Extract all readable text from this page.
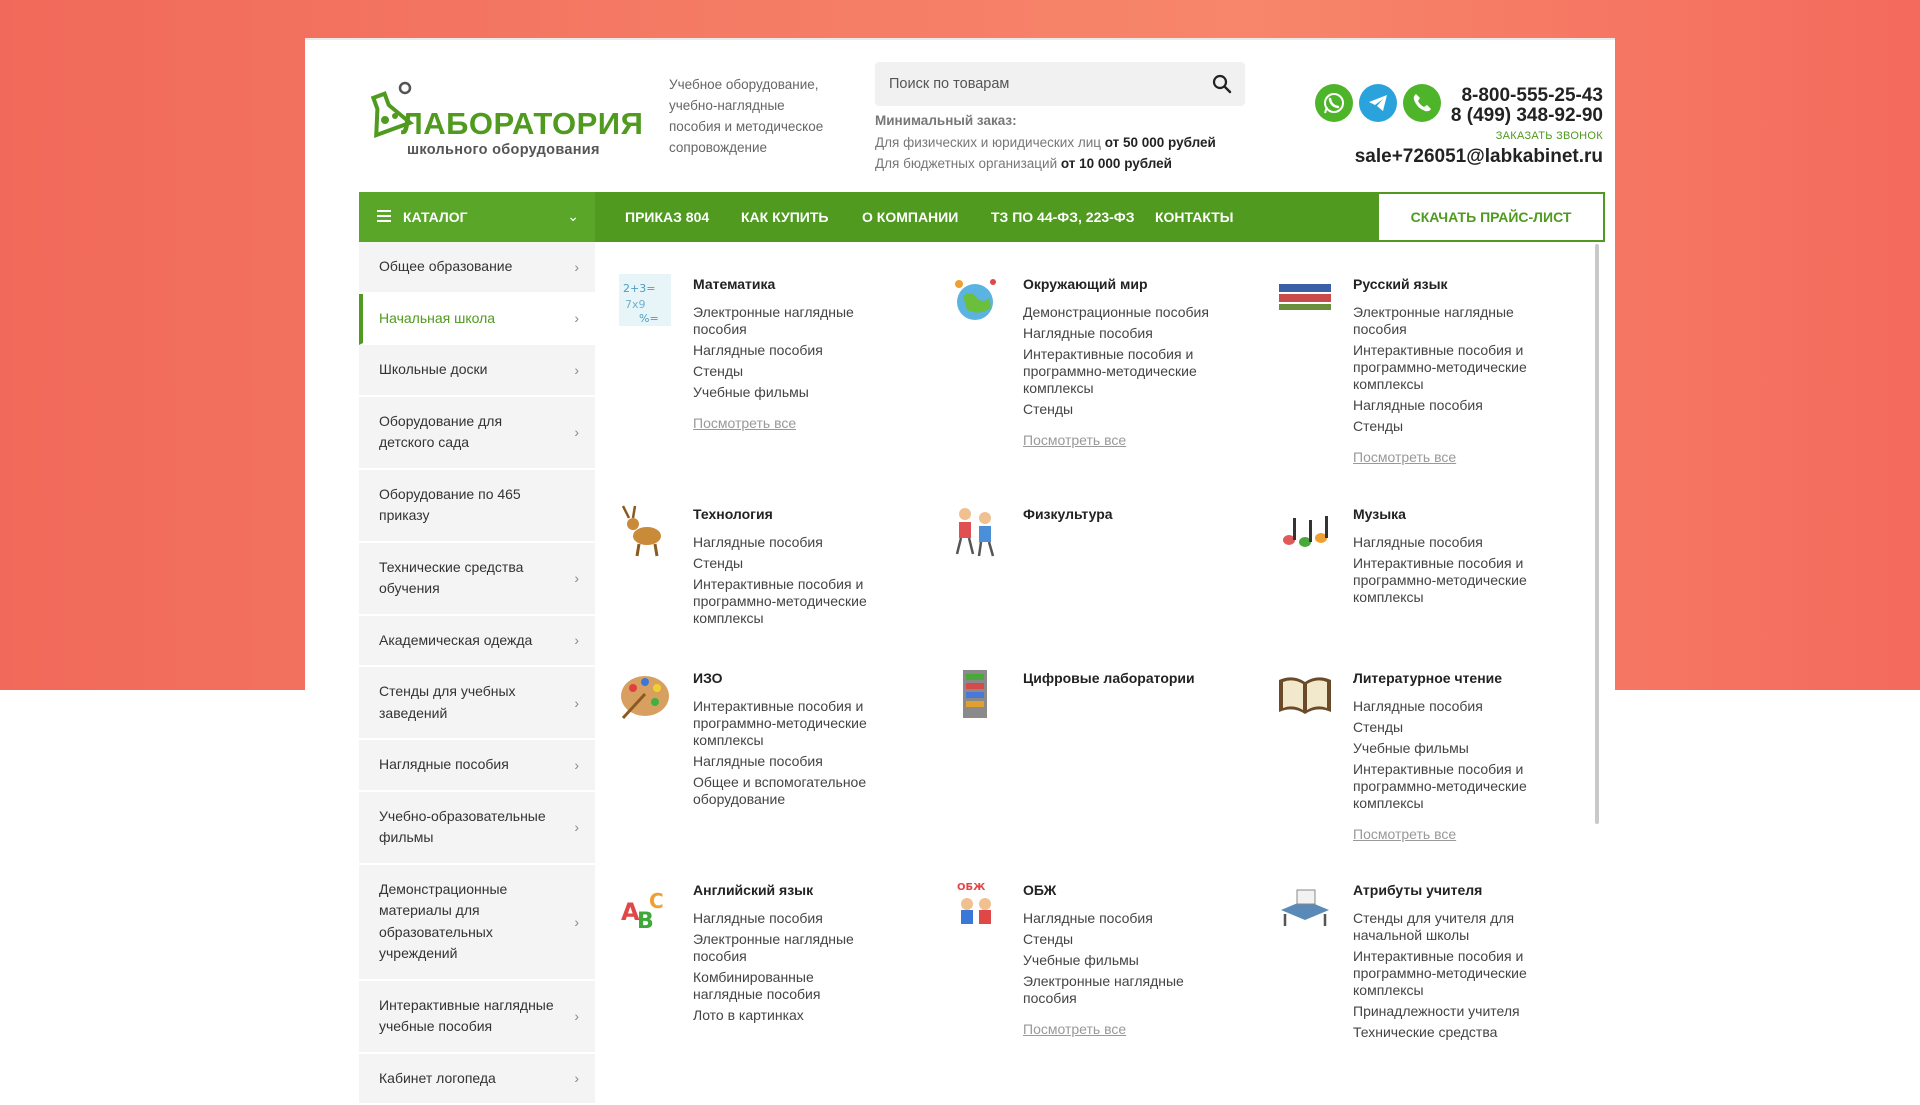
ЛАБОРАТОРИЯ
школьного оборудования
Учебное оборудование,
учебно-наглядные
пособия и методическое
сопровождение
Поиск по товарам
Минимальный заказ:
Для физических и юридических лиц от 50 000 рублей
Для бюджетных организаций от 10 000 рублей
8-800-555-25-43
8 (499) 348-92-90
ЗАКАЗАТЬ ЗВОНОК
sale+726051@labkabinet.ru
КАТАЛОГ	⌄	ПРИКАЗ 804 КАК КУПИТЬ О КОМПАНИИ ТЗ ПО 44-ФЗ, 223-ФЗ КОНТАКТЫ	СКАЧАТЬ ПРАЙС-ЛИСТ
Общее образование	›
Начальная школа	›
Школьные доски	›
Оборудование для детского сада
›
Оборудование по 465 приказу
Технические средства обучения
›
Академическая одежда	›
Стенды для учебных заведений
›
Наглядные пособия	›
Учебно-образовательные фильмы
›
Демонстрационные материалы для образовательных учреждений
›
Интерактивные наглядные учебные пособия
›
Кабинет логопеда	›
2+3=
7x9
%=
Математика
Электронные наглядные пособия
Наглядные пособия
Стенды
Учебные фильмы
Посмотреть все
Окружающий мир
Демонстрационные пособия
Наглядные пособия
Интерактивные пособия и программно-методические комплексы
Стенды
Посмотреть все
Русский язык
Электронные наглядные пособия
Интерактивные пособия и программно-методические комплексы
Наглядные пособия
Стенды
Посмотреть все
Технология
Наглядные пособия
Стенды
Интерактивные пособия и программно-методические комплексы
Физкультура	Музыка
Наглядные пособия
Интерактивные пособия и программно-методические комплексы
ИЗО
Интерактивные пособия и программно-методические комплексы
Наглядные пособия
Общее и вспомогательное оборудование
Цифровые лаборатории	Литературное чтение
Наглядные пособия
Стенды
Учебные фильмы
Интерактивные пособия и программно-методические комплексы
Посмотреть все
A
B
C Английский язык
Наглядные пособия
Электронные наглядные пособия
Комбинированные наглядные пособия
Лото в картинках
ОБЖ	ОБЖ
Наглядные пособия
Стенды
Учебные фильмы
Электронные наглядные пособия
Посмотреть все
Атрибуты учителя
Стенды для учителя для начальной школы
Интерактивные пособия и программно-методические комплексы
Принадлежности учителя
Технические средства
